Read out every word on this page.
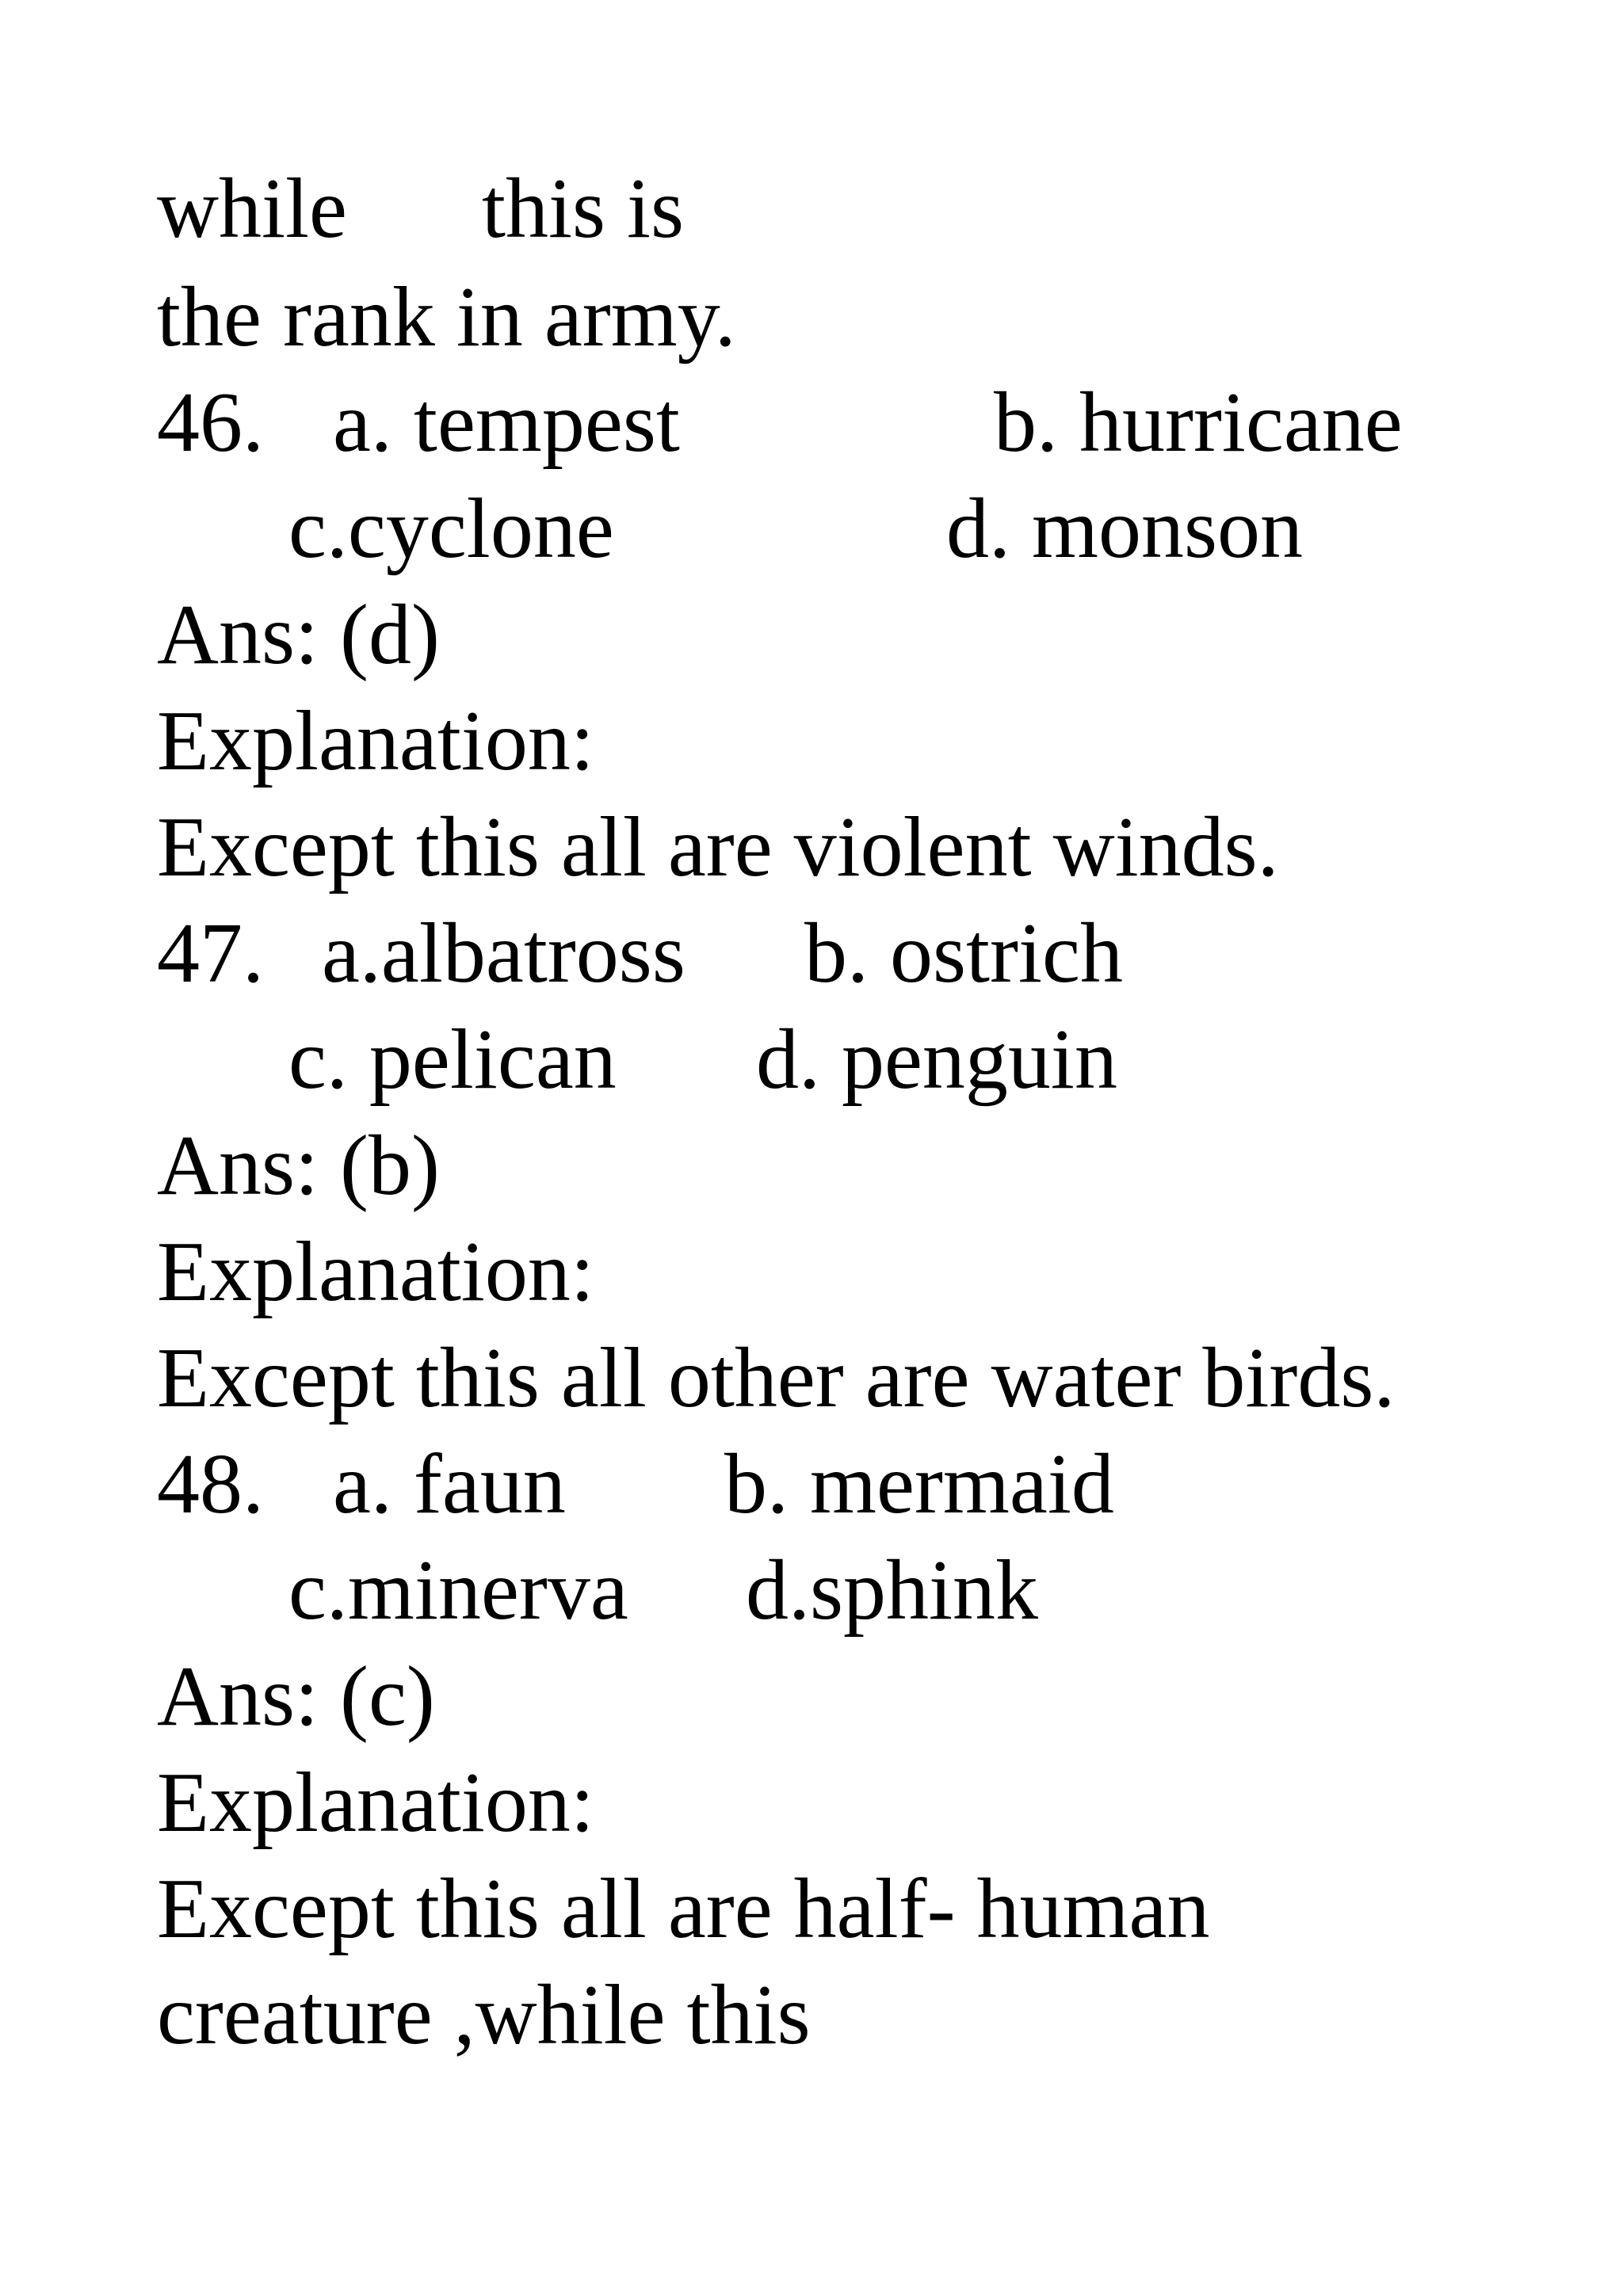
while

this is

the rank in army.

46.

a. tempest

	b. hurricane

c.cyclone

	d. monson

Ans: (d)

Explanation:

Except this all are violent winds.

47.

a.albatross

b. ostrich

c. pelican

d. penguin

Ans: (b)

Explanation:

Except this all other are water birds.

48.

a. faun

b. mermaid

c.minerva

d.sphink

Ans: (c)

Explanation:

Except this all are half- human

creature ,while this
